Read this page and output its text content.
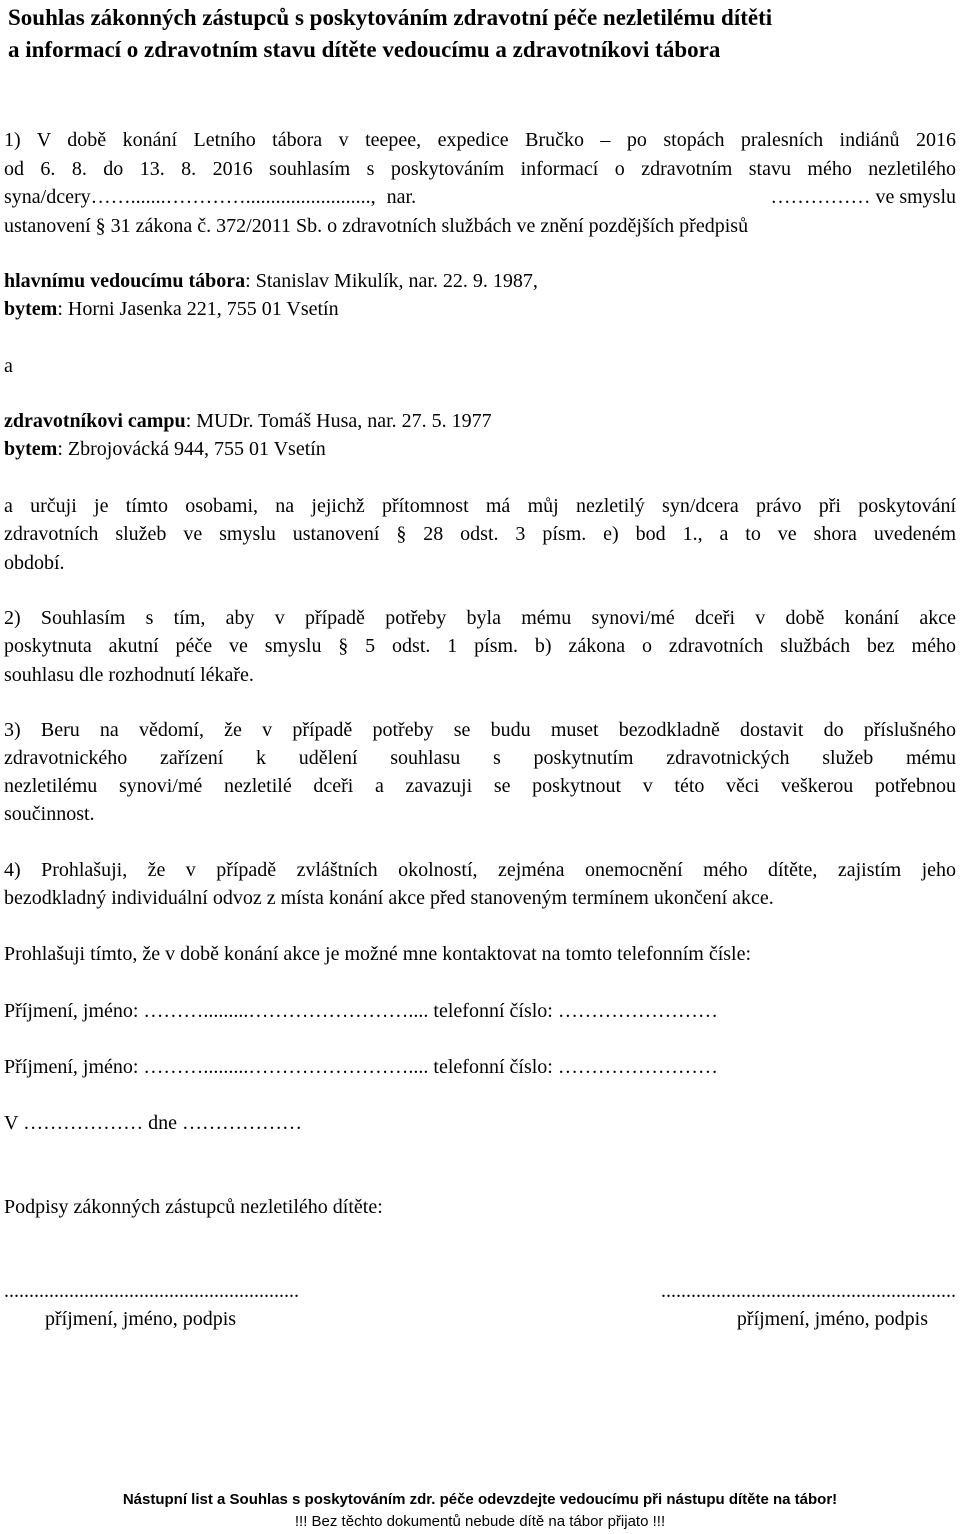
Souhlas zákonných zástupců s poskytováním zdravotní péče nezletilému dítěti
a informací o zdravotním stavu dítěte vedoucímu a zdravotníkovi tábora
1) V době konání Letního tábora v teepee, expedice Bručko – po stopách pralesních indiánů 2016
od 6. 8. do 13. 8. 2016 souhlasím s poskytováním informací o zdravotním stavu mého nezletilého
syna/dcery…….......…………........................., nar.	…………… ve smyslu
ustanovení § 31 zákona č. 372/2011 Sb. o zdravotních službách ve znění pozdějších předpisů
hlavnímu vedoucímu tábora: Stanislav Mikulík, nar. 22. 9. 1987,
bytem: Horni Jasenka 221, 755 01 Vsetín
a
zdravotníkovi campu: MUDr. Tomáš Husa, nar. 27. 5. 1977
bytem: Zbrojovácká 944, 755 01 Vsetín
a určuji je tímto osobami, na jejichž přítomnost má můj nezletilý syn/dcera právo při poskytování
zdravotních služeb ve smyslu ustanovení § 28 odst. 3 písm. e) bod 1., a to ve shora uvedeném
období.
2) Souhlasím s tím, aby v případě potřeby byla mému synovi/mé dceři v době konání akce
poskytnuta akutní péče ve smyslu § 5 odst. 1 písm. b) zákona o zdravotních službách bez mého
souhlasu dle rozhodnutí lékaře.
3) Beru na vědomí, že v případě potřeby se budu muset bezodkladně dostavit do příslušného
zdravotnického zařízení k udělení souhlasu s poskytnutím zdravotnických služeb mému
nezletilému synovi/mé nezletilé dceři a zavazuji se poskytnout v této věci veškerou potřebnou
součinnost.
4) Prohlašuji, že v případě zvláštních okolností, zejména onemocnění mého dítěte, zajistím jeho
bezodkladný individuální odvoz z místa konání akce před stanoveným termínem ukončení akce.
Prohlašuji tímto, že v době konání akce je možné mne kontaktovat na tomto telefonním čísle:
Příjmení, jméno: ……….........…………………….... telefonní číslo: ……………………
Příjmení, jméno: ……….........…………………….... telefonní číslo: ……………………
V ……………… dne ………………
Podpisy zákonných zástupců nezletilého dítěte:
...........................................................	...........................................................
příjmení, jméno, podpis	příjmení, jméno, podpis
Nástupní list a Souhlas s poskytováním zdr. péče odevzdejte vedoucímu při nástupu dítěte na tábor!
!!! Bez těchto dokumentů nebude dítě na tábor přijato !!!
